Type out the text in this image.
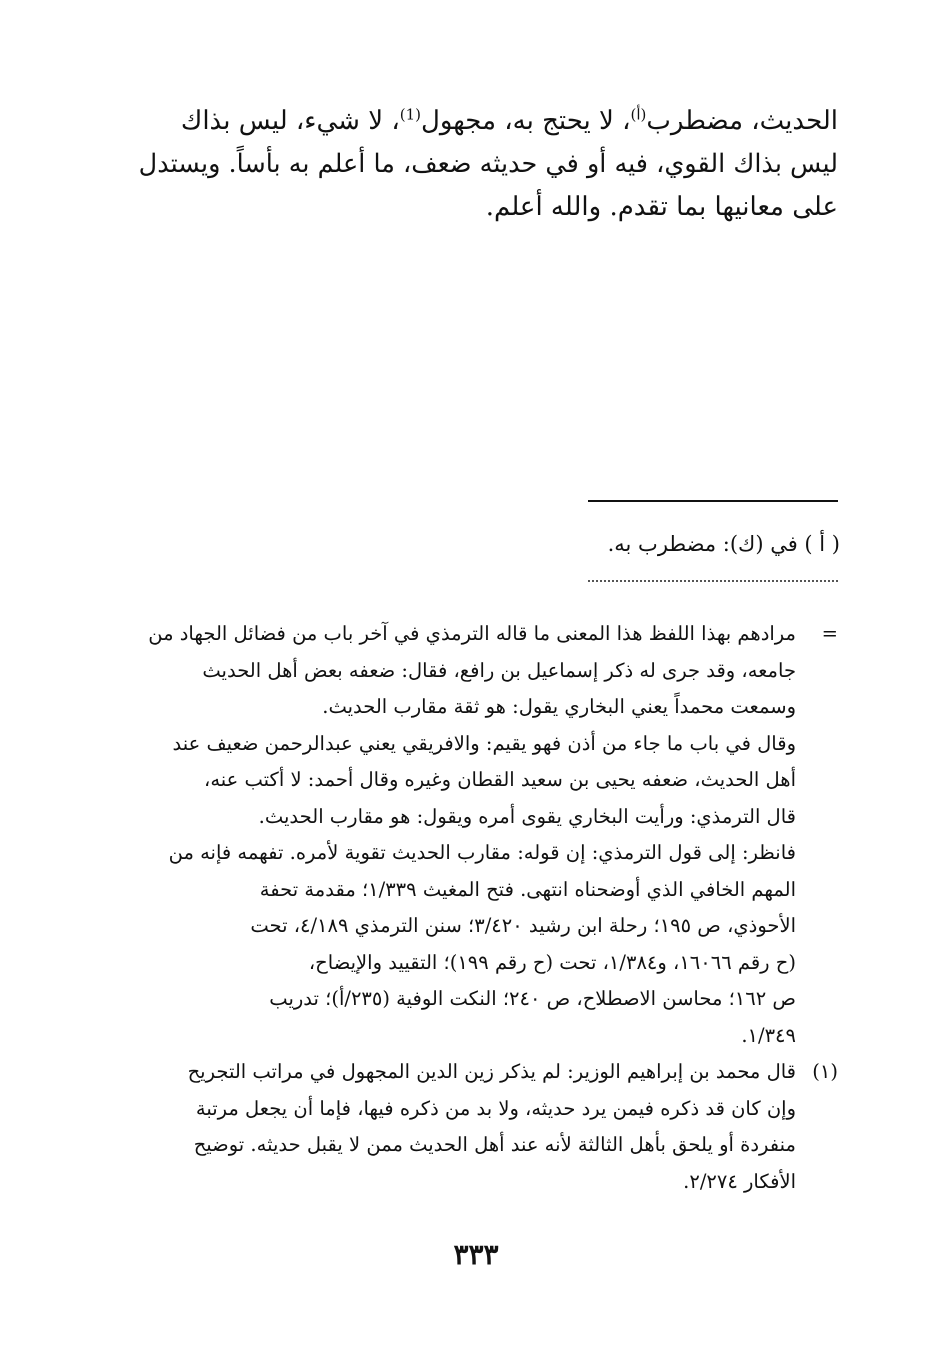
الحديث، مضطرب$^{(أ)}$، لا يحتج به، مجهول$^{(1)}$، لا شيء، ليس بذاك
ليس بذاك القوي، فيه أو في حديثه ضعف، ما أعلم به بأساً. ويستدل
على معانيها بما تقدم. والله أعلم.
( أ ) في (ك): مضطرب به.
=
مرادهم بهذا اللفظ هذا المعنى ما قاله الترمذي في آخر باب من فضائل الجهاد من
جامعه، وقد جرى له ذكر إسماعيل بن رافع، فقال: ضعفه بعض أهل الحديث
وسمعت محمداً يعني البخاري يقول: هو ثقة مقارب الحديث.
وقال في باب ما جاء من أذن فهو يقيم: والافريقي يعني عبدالرحمن ضعيف عند
أهل الحديث، ضعفه يحيى بن سعيد القطان وغيره وقال أحمد: لا أكتب عنه،
قال الترمذي: ورأيت البخاري يقوى أمره ويقول: هو مقارب الحديث.
فانظر: إلى قول الترمذي: إن قوله: مقارب الحديث تقوية لأمره. تفهمه فإنه من
المهم الخافي الذي أوضحناه انتهى. فتح المغيث ١/٣٣٩؛ مقدمة تحفة
الأحوذي، ص ١٩٥؛ رحلة ابن رشيد ٣/٤٢٠؛ سنن الترمذي ٤/١٨٩، تحت
(ح رقم ١٦٠٦٦، و١/٣٨٤، تحت (ح رقم ١٩٩)؛ التقييد والإيضاح،
ص ١٦٢؛ محاسن الاصطلاح، ص ٢٤٠؛ النكت الوفية (٢٣٥/أ)؛ تدريب
١/٣٤٩.
(١)
قال محمد بن إبراهيم الوزير: لم يذكر زين الدين المجهول في مراتب التجريح
وإن كان قد ذكره فيمن يرد حديثه، ولا بد من ذكره فيها، فإما أن يجعل مرتبة
منفردة أو يلحق بأهل الثالثة لأنه عند أهل الحديث ممن لا يقبل حديثه. توضيح
الأفكار ٢/٢٧٤.
٣٣٣
